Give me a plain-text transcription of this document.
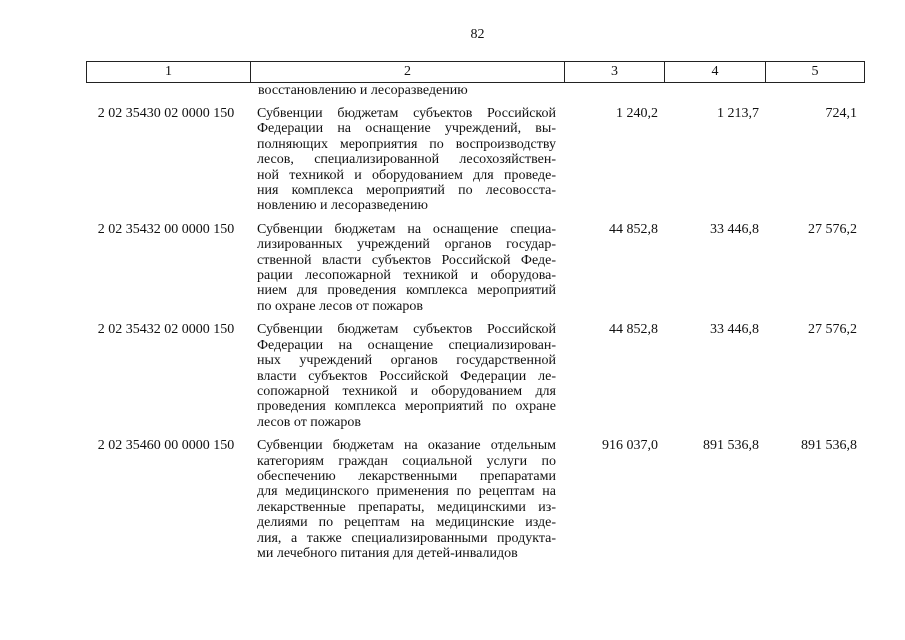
82
1	2	3	4	5
восстановлению и лесоразведению
2 02 35430 02 0000 150	Субвенции бюджетам субъектов Российской
Федерации на оснащение учреждений, вы-
полняющих мероприятия по воспроизводству
лесов, специализированной лесохозяйствен-
ной техникой и оборудованием для проведе-
ния комплекса мероприятий по лесовосста-
новлению и лесоразведению
1 240,2	1 213,7	724,1
2 02 35432 00 0000 150	Субвенции бюджетам на оснащение специа-
лизированных учреждений органов государ-
ственной власти субъектов Российской Феде-
рации лесопожарной техникой и оборудова-
нием для проведения комплекса мероприятий
по охране лесов от пожаров
44 852,8	33 446,8	27 576,2
2 02 35432 02 0000 150	Субвенции бюджетам субъектов Российской
Федерации на оснащение специализирован-
ных учреждений органов государственной
власти субъектов Российской Федерации ле-
сопожарной техникой и оборудованием для
проведения комплекса мероприятий по охране
лесов от пожаров
44 852,8	33 446,8	27 576,2
2 02 35460 00 0000 150	Субвенции бюджетам на оказание отдельным
категориям граждан социальной услуги по
обеспечению лекарственными препаратами
для медицинского применения по рецептам на
лекарственные препараты, медицинскими из-
делиями по рецептам на медицинские изде-
лия, а также специализированными продукта-
ми лечебного питания для детей-инвалидов
916 037,0	891 536,8	891 536,8
